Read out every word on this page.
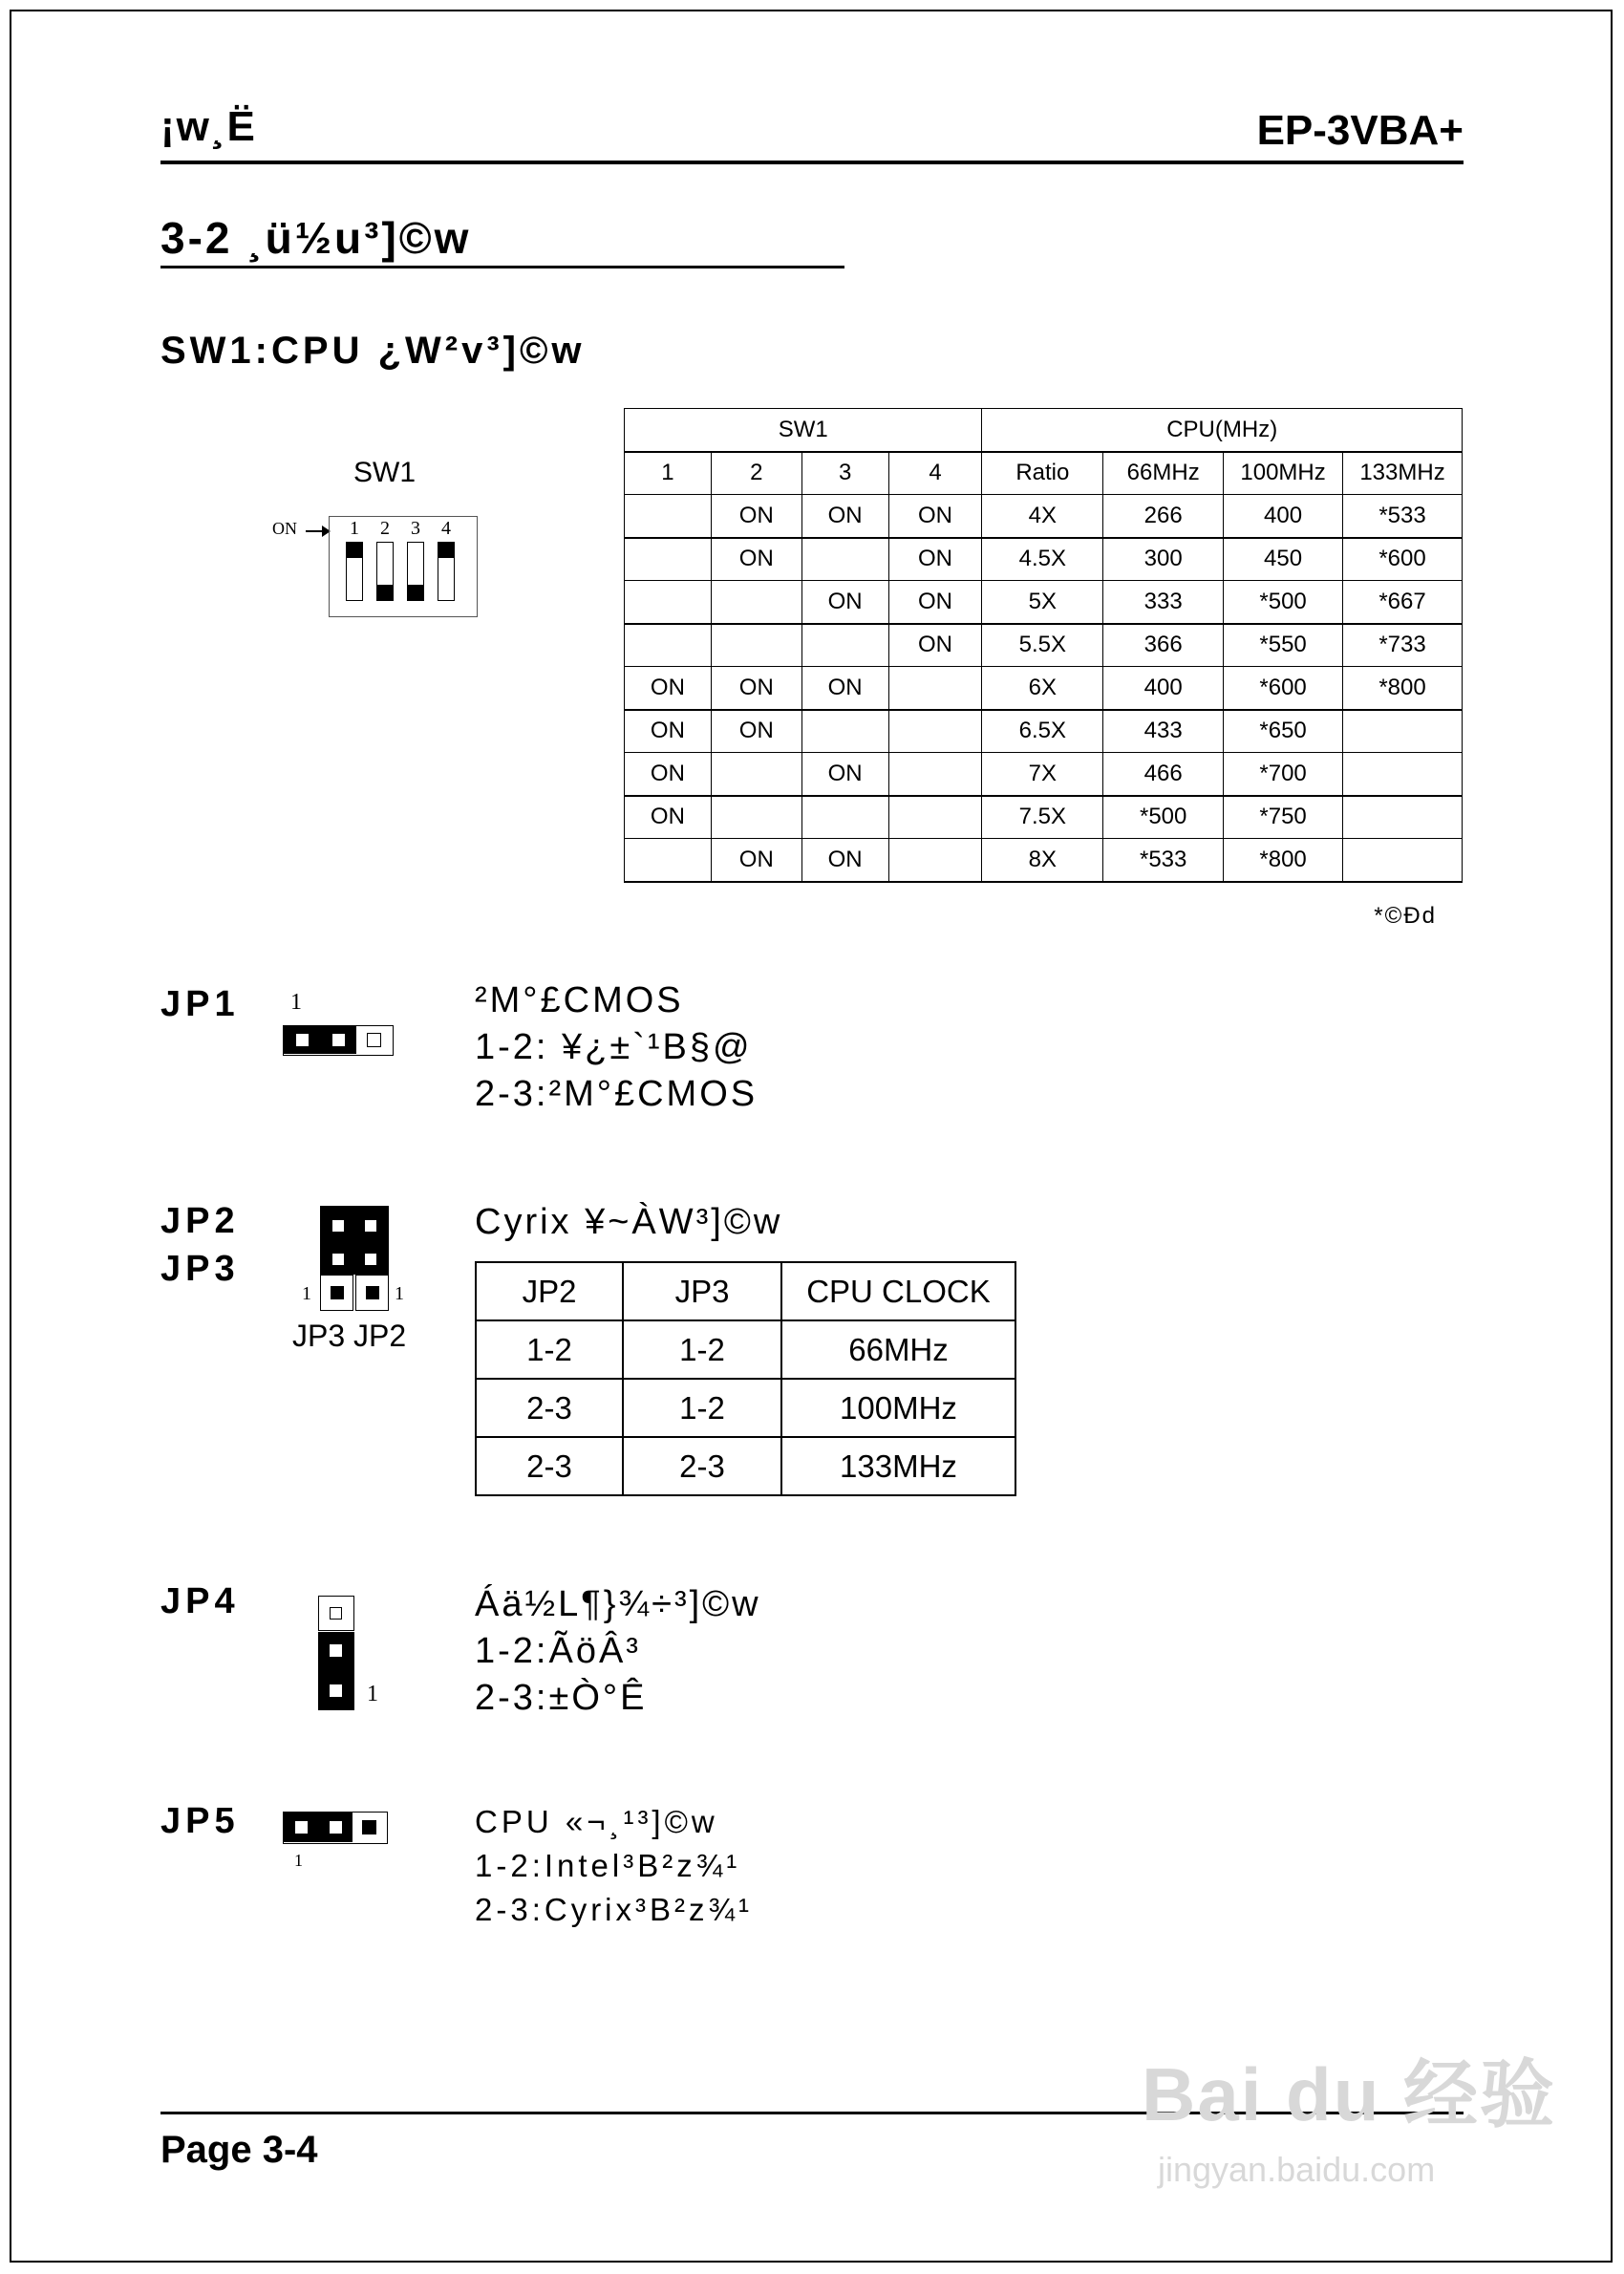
¡w¸Ë	EP-3VBA+
3-2 ¸ü½u³]©w
SW1:CPU ¿W²v³]©w
SW1
ON	1 2 3 4
SW1				CPU(MHz)			
1	2	3	4	Ratio	66MHz	100MHz	133MHz
	ON	ON	ON	4X	266	400	*533
	ON		ON	4.5X	300	450	*600
		ON	ON	5X	333	*500	*667
			ON	5.5X	366	*550	*733
ON	ON	ON		6X	400	*600	*800
ON	ON			6.5X	433	*650	
ON		ON		7X	466	*700	
ON				7.5X	*500	*750	
	ON	ON		8X	*533	*800	
*©Ðd
JP1 1	²M°£CMOS
1-2: ¥¿±`¹B§@
2-3:²M°£CMOS
JP2
JP3
1	1
JP3 JP2
Cyrix ¥~ÀW³]©w
JP2	JP3	CPU CLOCK
1-2	1-2	66MHz
2-3	1-2	100MHz
2-3	2-3	133MHz
JP4
1
Áä½L¶}¾÷³]©w
1-2:ÃöÂ³
2-3:±Ò°Ê
JP5
1
CPU «¬¸¹³]©w
1-2:Intel³B²z¾¹
2-3:Cyrix³B²z¾¹
Page 3-4
Bai du 经验
jingyan.baidu.com
